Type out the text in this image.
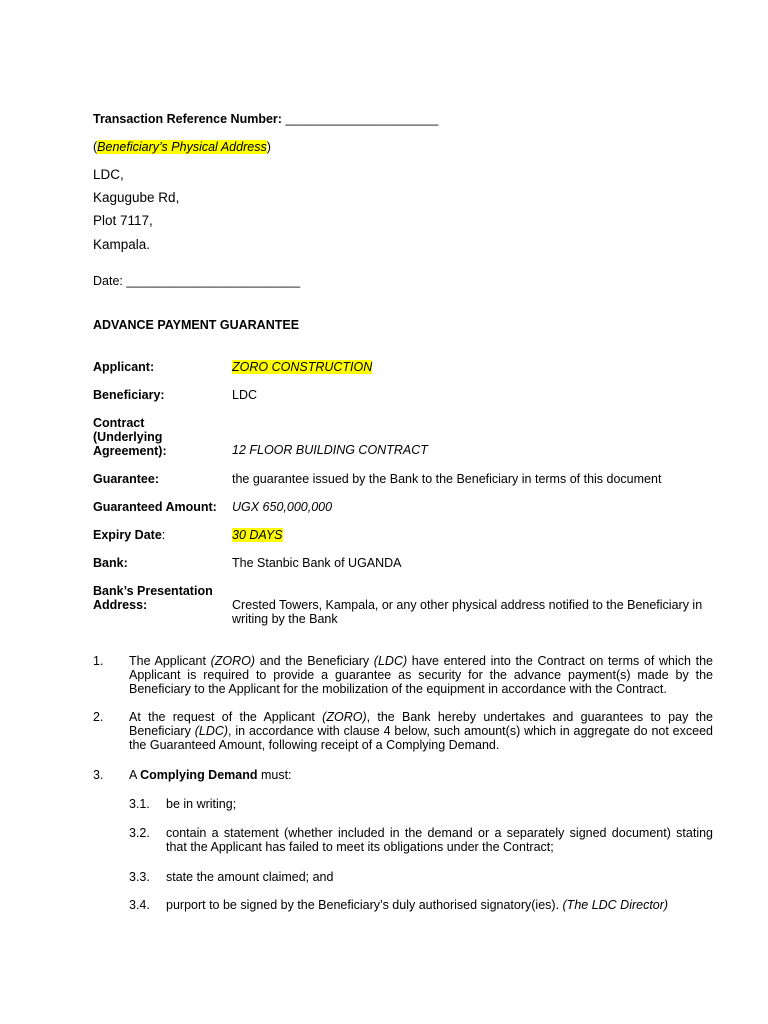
Transaction Reference Number: ______________________
(Beneficiary’s Physical Address)
LDC,
Kagugube Rd,
Plot 7117,
Kampala.
Date: _________________________
ADVANCE PAYMENT GUARANTEE
Applicant:	ZORO CONSTRUCTION
Beneficiary:	LDC
Contract
(Underlying
Agreement):	12 FLOOR BUILDING CONTRACT
Guarantee:	the guarantee issued by the Bank to the Beneficiary in terms of this document
Guaranteed Amount:	UGX 650,000,000
Expiry Date:	30 DAYS
Bank:	The Stanbic Bank of UGANDA
Bank’s Presentation
Address:	Crested Towers, Kampala, or any other physical address notified to the Beneficiary in writing by the Bank
1. The Applicant (ZORO) and the Beneficiary (LDC) have entered into the Contract on terms of which the Applicant is required to provide a guarantee as security for the advance payment(s) made by the Beneficiary to the Applicant for the mobilization of the equipment in accordance with the Contract.
2. At the request of the Applicant (ZORO), the Bank hereby undertakes and guarantees to pay the Beneficiary (LDC), in accordance with clause 4 below, such amount(s) which in aggregate do not exceed the Guaranteed Amount, following receipt of a Complying Demand.
3. A Complying Demand must:
3.1. be in writing;
3.2. contain a statement (whether included in the demand or a separately signed document) stating that the Applicant has failed to meet its obligations under the Contract;
3.3. state the amount claimed; and
3.4. purport to be signed by the Beneficiary’s duly authorised signatory(ies). (The LDC Director)
